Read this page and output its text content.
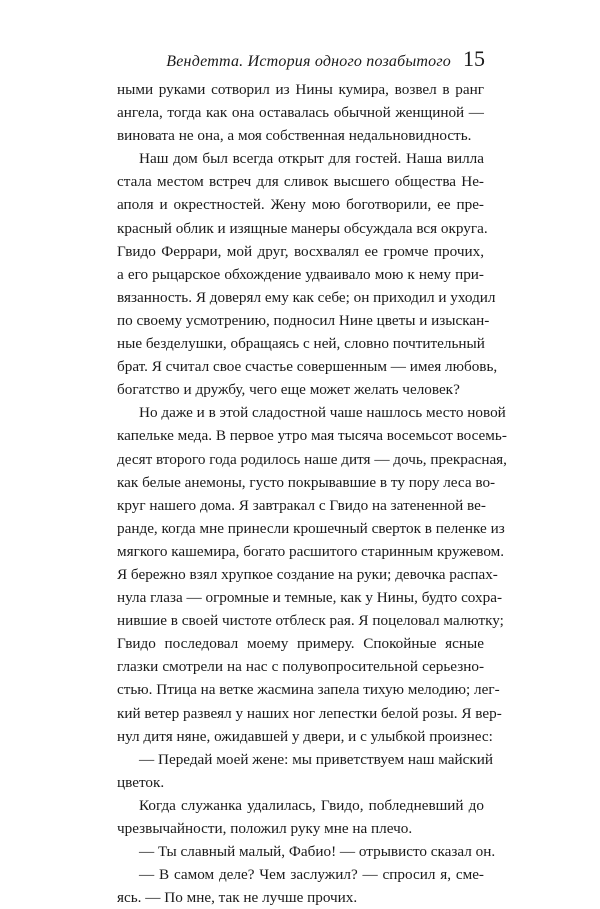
Вендетта. История одного позабытого 15

ными руками сотворил из Нины кумира, возвел в ранг
ангела, тогда как она оставалась обычной женщиной —
виновата не она, а моя собственная недальновидность.

Наш дом был всегда открыт для гостей. Наша вилла
стала местом встреч для сливок высшего общества Не-
аполя и окрестностей. Жену мою боготворили, ее пре-
красный облик и изящные манеры обсуждала вся округа.
Гвидо Феррари, мой друг, восхвалял ее громче прочих,
а его рыцарское обхождение удваивало мою к нему при-
вязанность. Я доверял ему как себе; он приходил и уходил
по своему усмотрению, подносил Нине цветы и изыскан-
ные безделушки, обращаясь с ней, словно почтительный
брат. Я считал свое счастье совершенным — имея любовь,
богатство и дружбу, чего еще может желать человек?

Но даже и в этой сладостной чаше нашлось место новой
капельке меда. В первое утро мая тысяча восемьсот восемь-
десят второго года родилось наше дитя — дочь, прекрасная,
как белые анемоны, густо покрывавшие в ту пору леса во-
круг нашего дома. Я завтракал с Гвидо на затененной ве-
ранде, когда мне принесли крошечный сверток в пеленке из
мягкого кашемира, богато расшитого старинным кружевом.
Я бережно взял хрупкое создание на руки; девочка распах-
нула глаза — огромные и темные, как у Нины, будто сохра-
нившие в своей чистоте отблеск рая. Я поцеловал малютку;
Гвидо последовал моему примеру. Спокойные ясные
глазки смотрели на нас с полувопросительной серьезно-
стью. Птица на ветке жасмина запела тихую мелодию; лег-
кий ветер развеял у наших ног лепестки белой розы. Я вер-
нул дитя няне, ожидавшей у двери, и с улыбкой произнес:

— Передай моей жене: мы приветствуем наш майский
цветок.

Когда служанка удалилась, Гвидо, побледневший до
чрезвычайности, положил руку мне на плечо.

— Ты славный малый, Фабио! — отрывисто сказал он.

— В самом деле? Чем заслужил? — спросил я, сме-
ясь. — По мне, так не лучше прочих.
